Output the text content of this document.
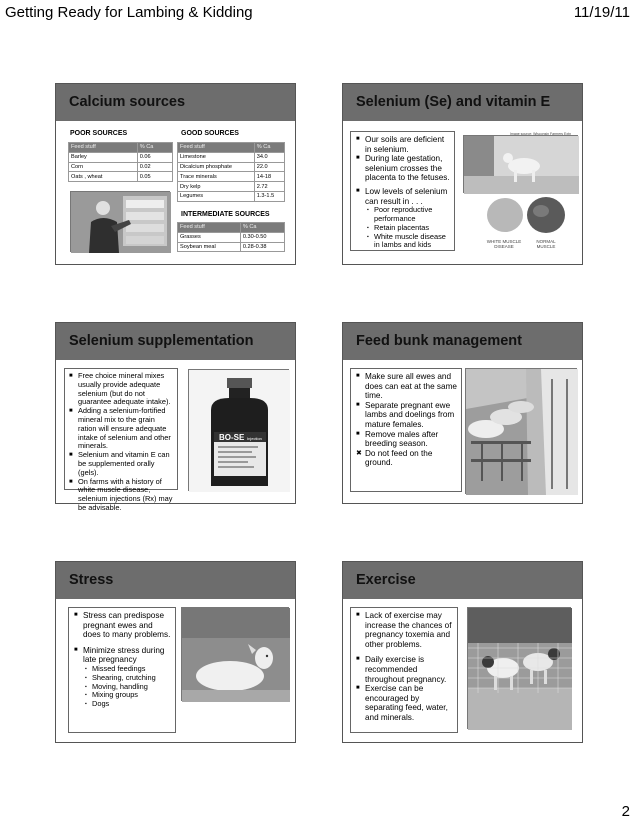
Getting Ready for Lambing & Kidding	11/19/11
Calcium sources
POOR SOURCES	GOOD SOURCES
Feed stuff	% Ca
Barley	0.06
Corn	0.02
Oats , wheat	0.05
Feed stuff	% Ca
Limestone	34.0
Dicalcium phosphate	22.0
Trace minerals	14-18
Dry kelp	2.72
Legumes	1.3-1.5
INTERMEDIATE SOURCES
Feed stuff	% Ca
Grasses	0.30-0.50
Soybean meal	0.28-0.38
Selenium (Se) and vitamin E
■ Our soils are deficient in selenium.
■ During late gestation, selenium crosses the placenta to the fetuses.
■ Low levels of selenium can result in . . .
▪ Poor reproductive performance
▪ Retain placentas
▪ White muscle disease in lambs and kids
Image source: Wisconsin Farmers Extn
WHITE MUSCLE DISEASE
NORMAL MUSCLE
Selenium supplementation
■ Free choice mineral mixes usually provide adequate selenium (but do not guarantee adequate intake).
■ Adding a selenium-fortified mineral mix to the grain ration will ensure adequate intake of selenium and other minerals.
■ Selenium and vitamin E can be supplemented orally (gels).
■ On farms with a history of white muscle disease, selenium injections (Rx) may be advisable.
BO-SE Injection
Feed bunk management
■ Make sure all ewes and does can eat at the same time.
■ Separate pregnant ewe lambs and doelings from mature females.
■ Remove males after breeding season.
✖ Do not feed on the ground.
Stress
■ Stress can predispose pregnant ewes and does to many problems.
■ Minimize stress during late pregnancy
▪ Missed feedings
▪ Shearing, crutching
▪ Moving, handling
▪ Mixing groups
▪ Dogs
Exercise
■ Lack of exercise may increase the chances of pregnancy toxemia and other problems.
■ Daily exercise is recommended throughout pregnancy.
■ Exercise can be encouraged by separating feed, water, and minerals.
2
